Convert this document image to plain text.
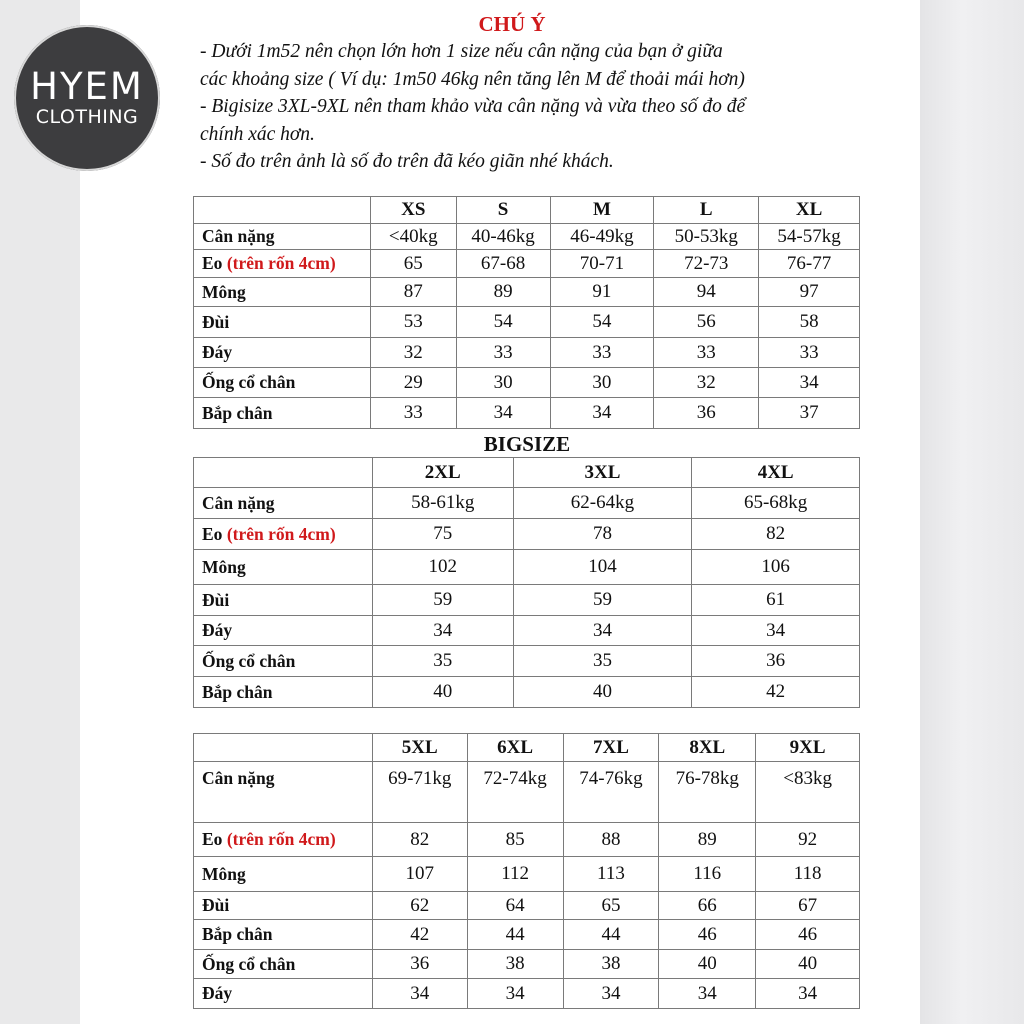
HYEM
CLOTHING
CHÚ Ý

- Dưới 1m52 nên chọn lớn hơn 1 size nếu cân nặng của bạn ở giữa

các khoảng size ( Ví dụ: 1m50 46kg nên tăng lên M để thoải mái hơn)

- Bigisize 3XL-9XL nên tham khảo vừa cân nặng và vừa theo số đo để

chính xác hơn.

- Số đo trên ảnh là số đo trên đã kéo giãn nhé khách.

	XS	S	M	L	XL
Cân nặng	<40kg	40-46kg	46-49kg	50-53kg	54-57kg
Eo (trên rốn 4cm)	65	67-68	70-71	72-73	76-77
Mông	87	89	91	94	97
Đùi	53	54	54	56	58
Đáy	32	33	33	33	33
Ống cổ chân	29	30	30	32	34
Bắp chân	33	34	34	36	37
BIGSIZE
	2XL	3XL	4XL
Cân nặng	58-61kg	62-64kg	65-68kg
Eo (trên rốn 4cm)	75	78	82
Mông	102	104	106
Đùi	59	59	61
Đáy	34	34	34
Ống cổ chân	35	35	36
Bắp chân	40	40	42
	5XL	6XL	7XL	8XL	9XL
Cân nặng	69-71kg	72-74kg	74-76kg	76-78kg	<83kg
Eo (trên rốn 4cm)	82	85	88	89	92
Mông	107	112	113	116	118
Đùi	62	64	65	66	67
Bắp chân	42	44	44	46	46
Ống cổ chân	36	38	38	40	40
Đáy	34	34	34	34	34
